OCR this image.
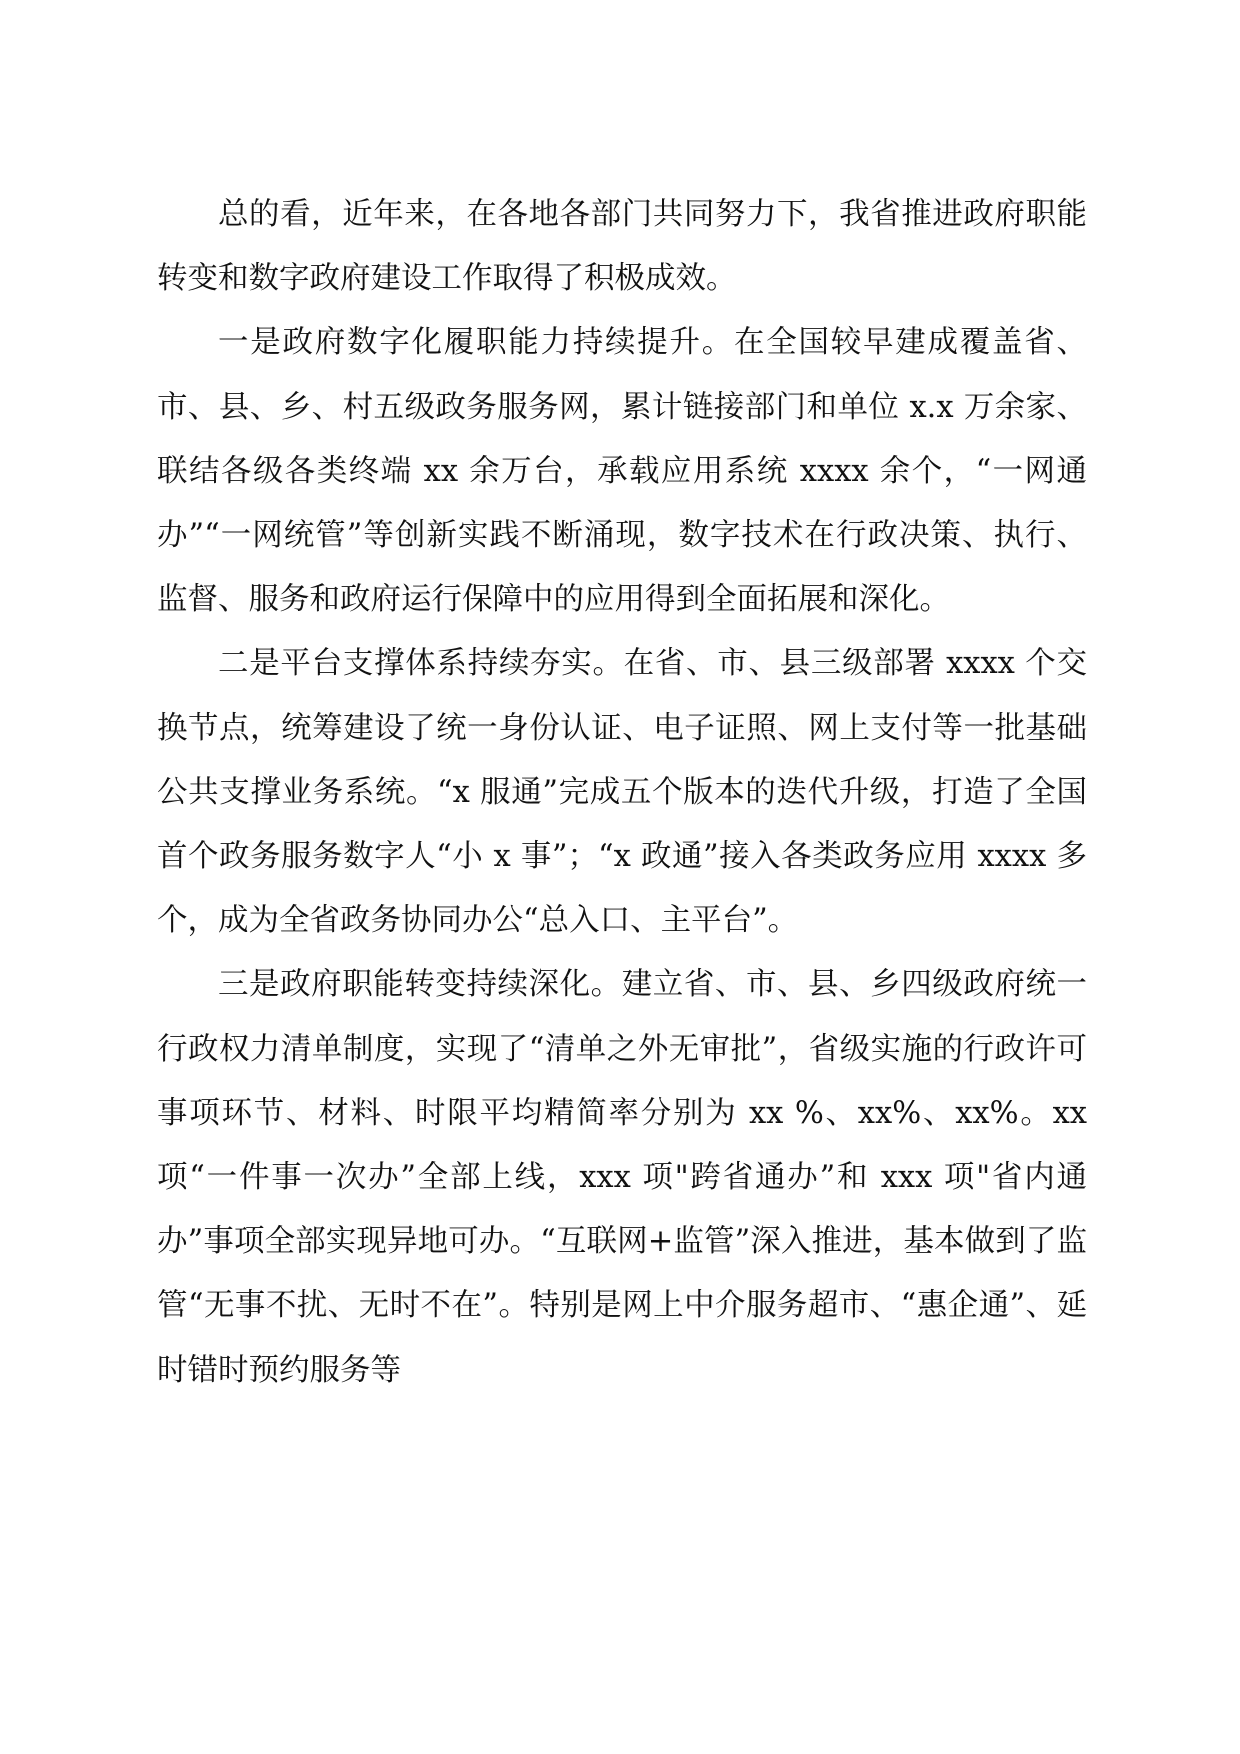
总的看，近年来，在各地各部门共同努力下，我省推进政府职能转变和数字政府建设工作取得了积极成效。

一是政府数字化履职能力持续提升。在全国较早建成覆盖省、市、县、乡、村五级政务服务网，累计链接部门和单位 x.x 万余家、联结各级各类终端 xx 余万台，承载应用系统 xxxx 余个，“一网通办”“一网统管”等创新实践不断涌现，数字技术在行政决策、执行、监督、服务和政府运行保障中的应用得到全面拓展和深化。

二是平台支撑体系持续夯实。在省、市、县三级部署 xxxx 个交换节点，统筹建设了统一身份认证、电子证照、网上支付等一批基础公共支撑业务系统。“x 服通”完成五个版本的迭代升级，打造了全国首个政务服务数字人“小 x 事”；“x 政通”接入各类政务应用 xxxx 多个，成为全省政务协同办公“总入口、主平台”。

三是政府职能转变持续深化。建立省、市、县、乡四级政府统一行政权力清单制度，实现了“清单之外无审批”，省级实施的行政许可事项环节、材料、时限平均精简率分别为 xx %、xx%、xx%。xx 项“一件事一次办”全部上线，xxx 项"跨省通办”和 xxx 项"省内通办”事项全部实现异地可办。“互联网+监管”深入推进，基本做到了监管“无事不扰、无时不在”。特别是网上中介服务超市、“惠企通”、延时错时预约服务等
